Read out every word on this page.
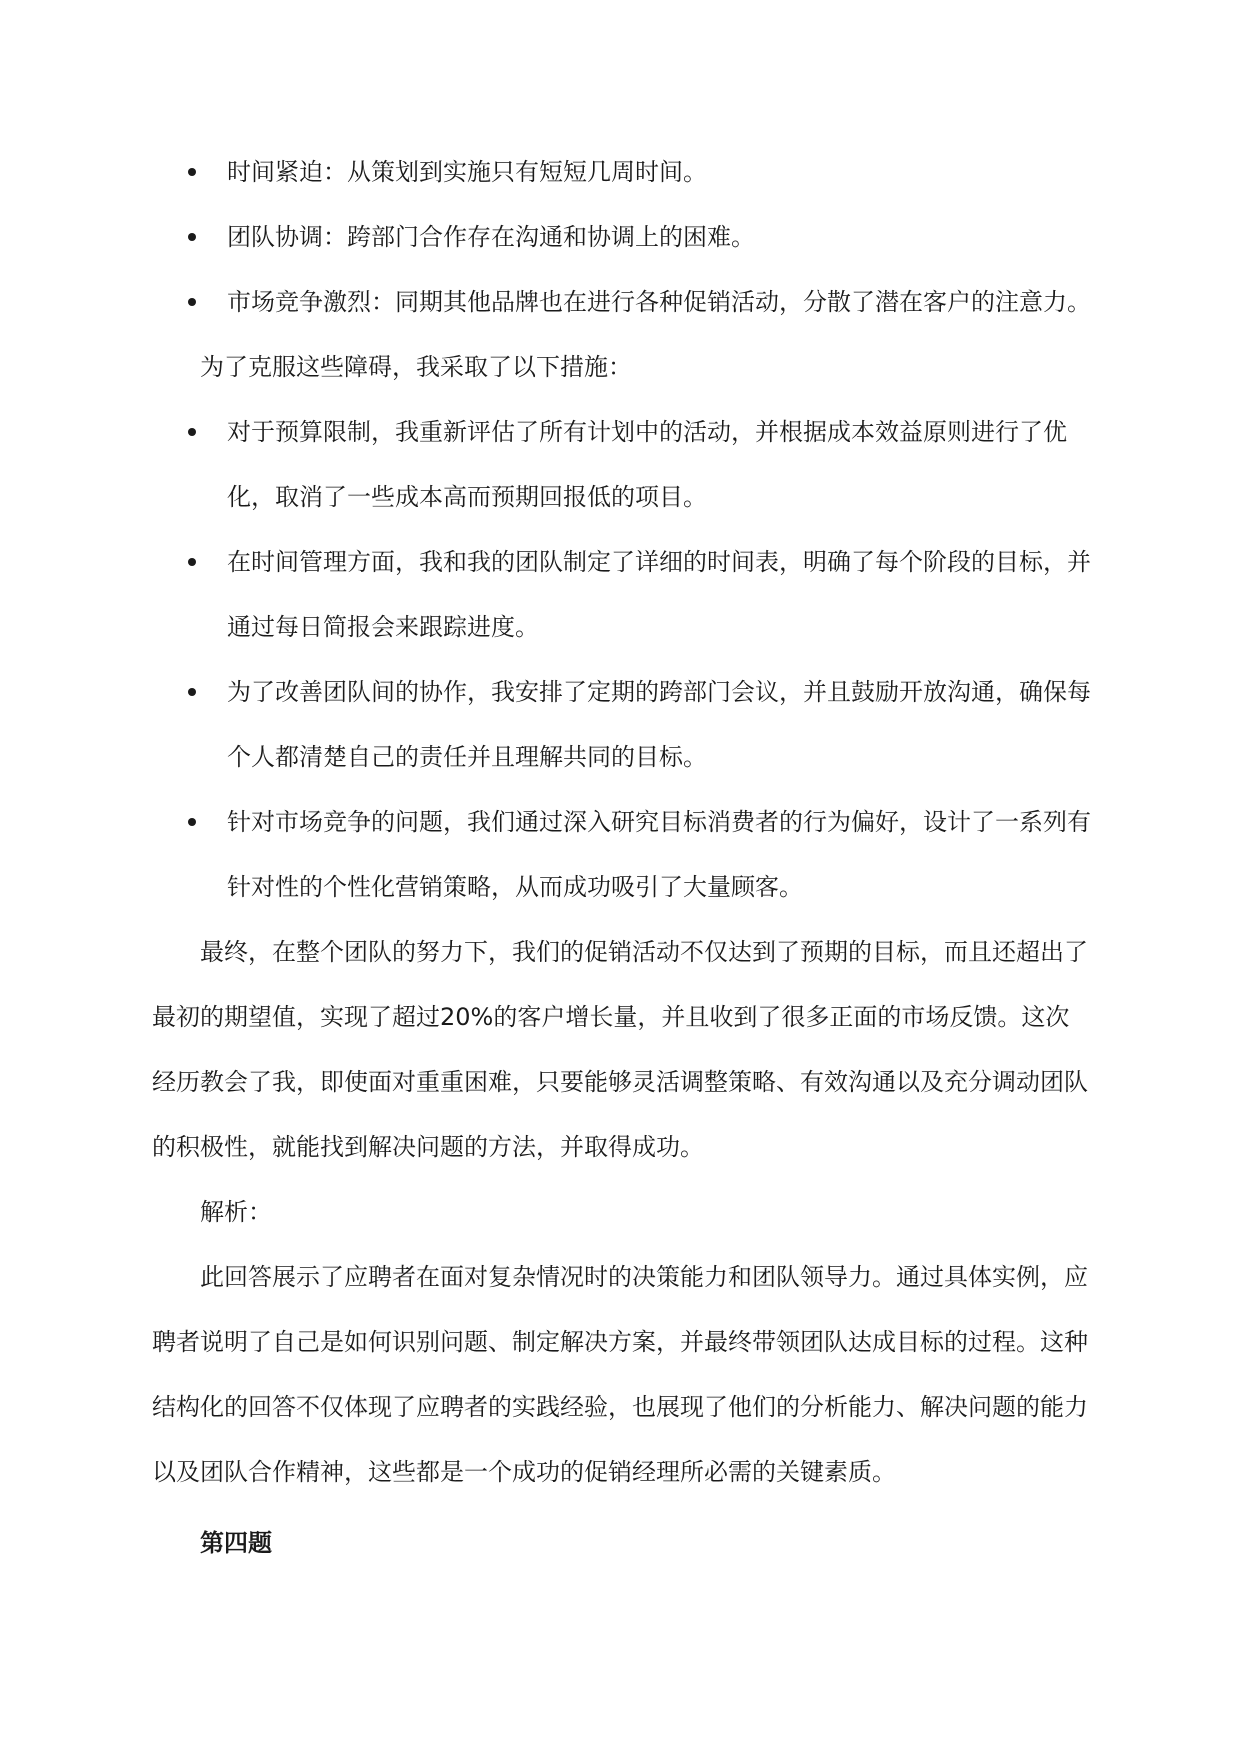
时间紧迫：从策划到实施只有短短几周时间。
团队协调：跨部门合作存在沟通和协调上的困难。
市场竞争激烈：同期其他品牌也在进行各种促销活动，分散了潜在客户的注意力。

为了克服这些障碍，我采取了以下措施：

对于预算限制，我重新评估了所有计划中的活动，并根据成本效益原则进行了优化，取消了一些成本高而预期回报低的项目。
在时间管理方面，我和我的团队制定了详细的时间表，明确了每个阶段的目标，并通过每日简报会来跟踪进度。
为了改善团队间的协作，我安排了定期的跨部门会议，并且鼓励开放沟通，确保每个人都清楚自己的责任并且理解共同的目标。
针对市场竞争的问题，我们通过深入研究目标消费者的行为偏好，设计了一系列有针对性的个性化营销策略，从而成功吸引了大量顾客。

最终，在整个团队的努力下，我们的促销活动不仅达到了预期的目标，而且还超出了最初的期望值，实现了超过20%的客户增长量，并且收到了很多正面的市场反馈。这次经历教会了我，即使面对重重困难，只要能够灵活调整策略、有效沟通以及充分调动团队的积极性，就能找到解决问题的方法，并取得成功。

解析：

此回答展示了应聘者在面对复杂情况时的决策能力和团队领导力。通过具体实例，应聘者说明了自己是如何识别问题、制定解决方案，并最终带领团队达成目标的过程。这种结构化的回答不仅体现了应聘者的实践经验，也展现了他们的分析能力、解决问题的能力以及团队合作精神，这些都是一个成功的促销经理所必需的关键素质。

第四题
